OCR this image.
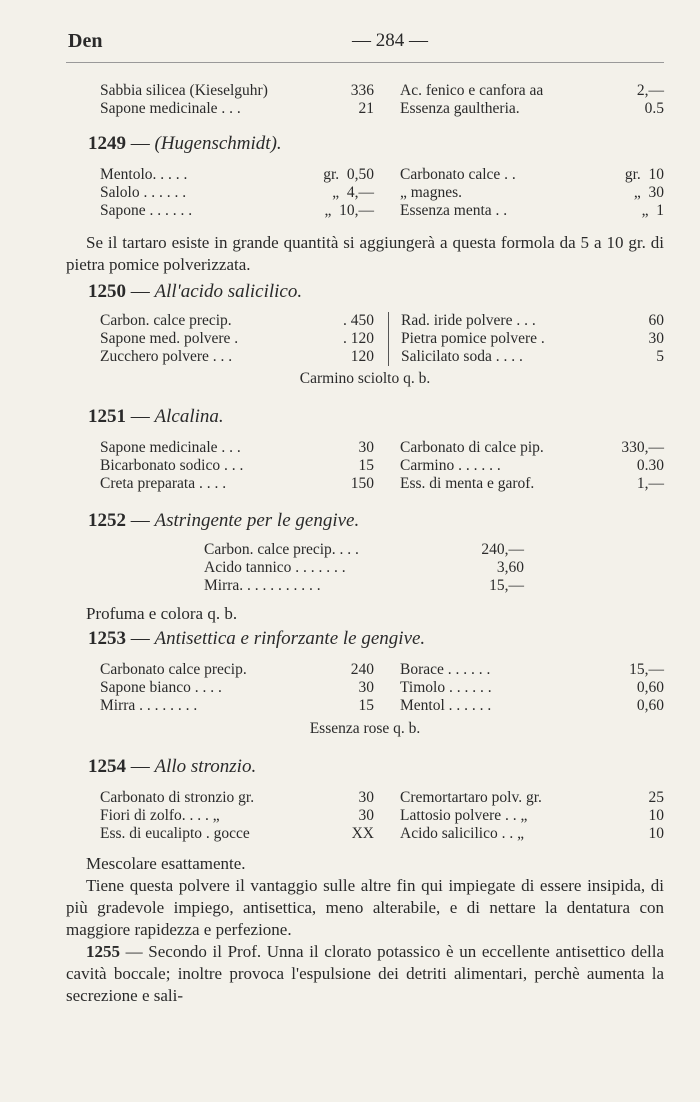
Den	— 284 —
Sabbia silicea (Kieselguhr)	336 Ac. fenico e canfora aa	2,—
Sapone medicinale . . .	21 Essenza gaultheria.	0.5

1249 — (Hugenschmidt).

Mentolo. . . . .	gr.  0,50 Carbonato calce . .	gr.  10
Salolo . . . . . .	„  4,— „ magnes.	„  30
Sapone . . . . . .	„  10,— Essenza menta . .	„  1

Se il tartaro esiste in grande quantità si aggiungerà a questa formola da 5 a 10 gr. di pietra pomice polverizzata.

1250 — All'acido salicilico.

Carbon. calce precip.	. 450 Rad. iride polvere . . .	60
Sapone med. polvere .	. 120 Pietra pomice polvere .	30
Zucchero polvere . . .	120 Salicilato soda . . . .	5
Carmino sciolto q. b.

1251 — Alcalina.

Sapone medicinale . . .	30 Carbonato di calce pip.	330,—
Bicarbonato sodico . . .	15 Carmino . . . . . .	0.30
Creta preparata . . . .	150 Ess. di menta e garof.	1,—

1252 — Astringente per le gengive.

Carbon. calce precip. . . .	240,—
Acido tannico . . . . . . .	3,60
Mirra. . . . . . . . . . .	15,—

Profuma e colora q. b.

1253 — Antisettica e rinforzante le gengive.

Carbonato calce precip.	240 Borace . . . . . .	15,—
Sapone bianco . . . .	30 Timolo . . . . . .	0,60
Mirra . . . . . . . .	15 Mentol . . . . . .	0,60
Essenza rose q. b.

1254 — Allo stronzio.

Carbonato di stronzio gr.	30 Cremortartaro polv. gr.	25
Fiori di zolfo. . . . „	30 Lattosio polvere . . „	10
Ess. di eucalipto . gocce	XX Acido salicilico . . „	10

Mescolare esattamente.

Tiene questa polvere il vantaggio sulle altre fin qui impiegate di essere insipida, di più gradevole impiego, antisettica, meno alterabile, e di nettare la dentatura con maggiore rapidezza e perfezione.

1255 — Secondo il Prof. Unna il clorato potassico è un eccellente antisettico della cavità boccale; inoltre provoca l'espulsione dei detriti alimentari, perchè aumenta la secrezione e sali-
